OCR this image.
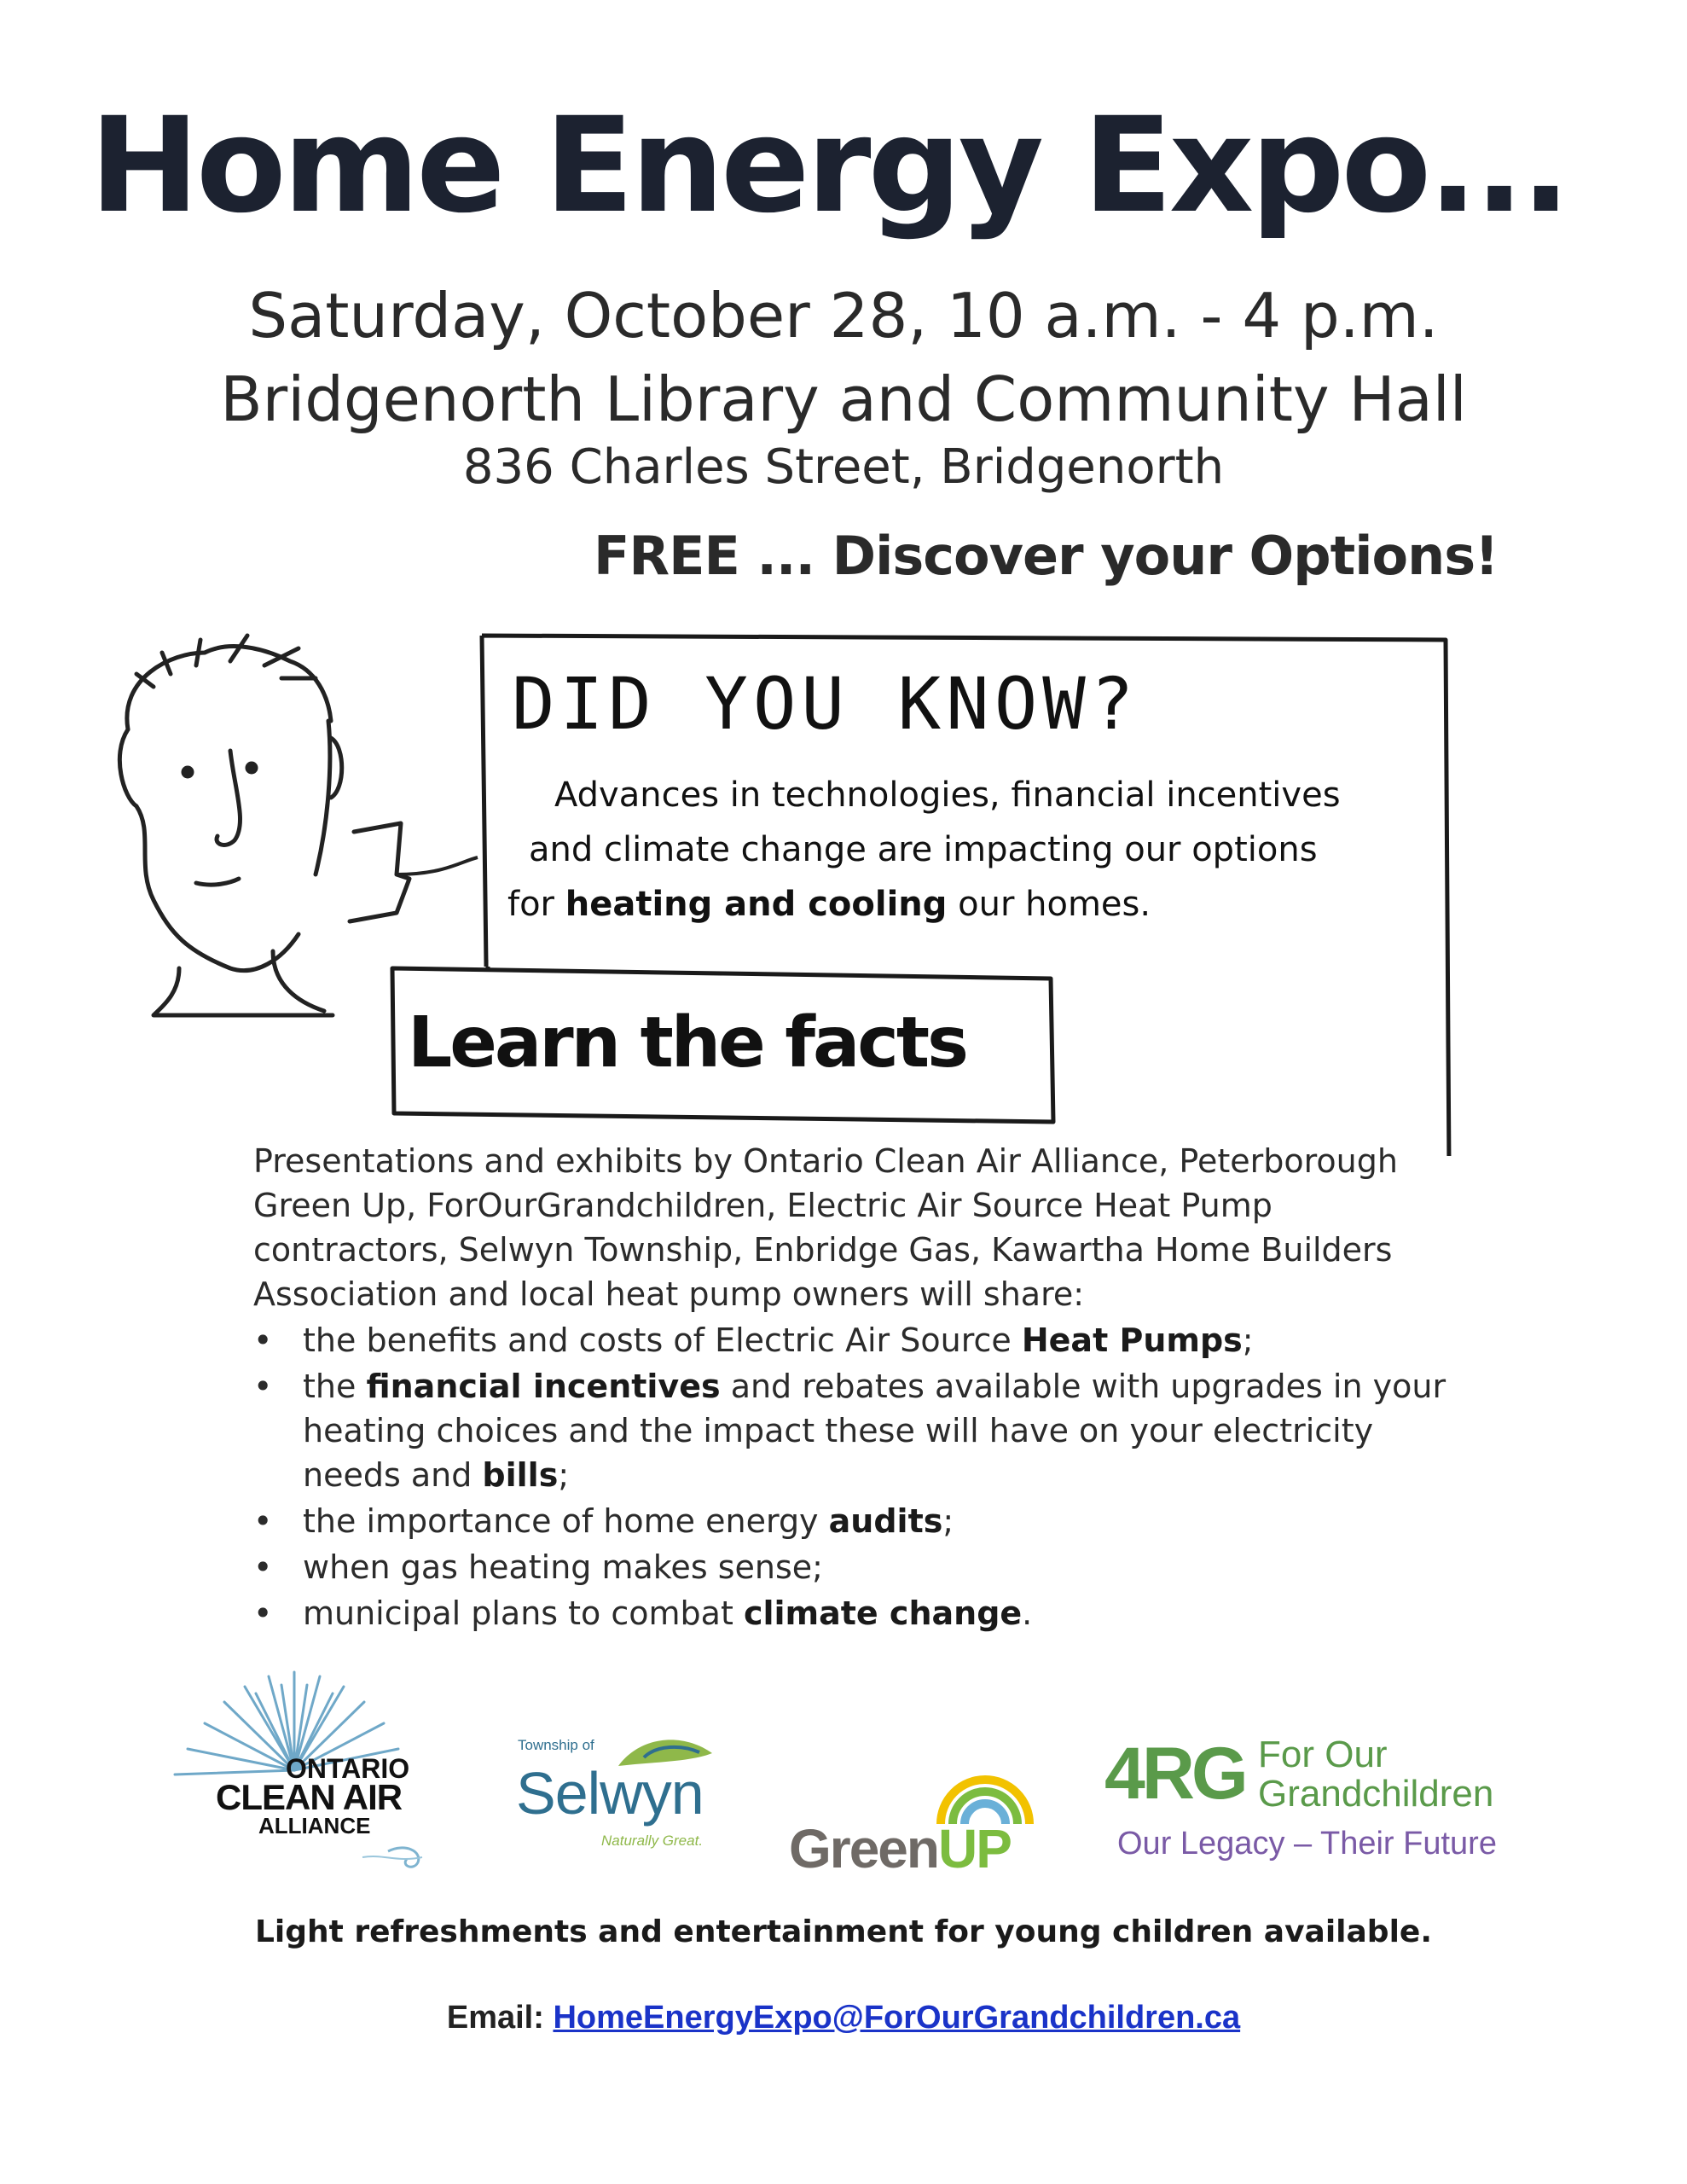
Home Energy Expo...
Saturday, October 28, 10 a.m. - 4 p.m.
Bridgenorth Library and Community Hall
836 Charles Street, Bridgenorth
FREE ... Discover your Options!
DID YOU KNOW?
Advances in technologies, financial incentives
and climate change are impacting our options
for heating and cooling our homes.
Learn the facts
Presentations and exhibits by Ontario Clean Air Alliance, Peterborough Green Up, ForOurGrandchildren, Electric Air Source Heat Pump contractors, Selwyn Township, Enbridge Gas, Kawartha Home Builders Association and local heat pump owners will share:
• the benefits and costs of Electric Air Source Heat Pumps;
• the financial incentives and rebates available with upgrades in your heating choices and the impact these will have on your electricity needs and bills;
• the importance of home energy audits;
• when gas heating makes sense;
• municipal plans to combat climate change.
ONTARIO
CLEAN AIR
ALLIANCE
Township of
Selwyn
Naturally Great. GreenUP
4RG For Our
Grandchildren
Our Legacy – Their Future
Light refreshments and entertainment for young children available.
Email: HomeEnergyExpo@ForOurGrandchildren.ca
